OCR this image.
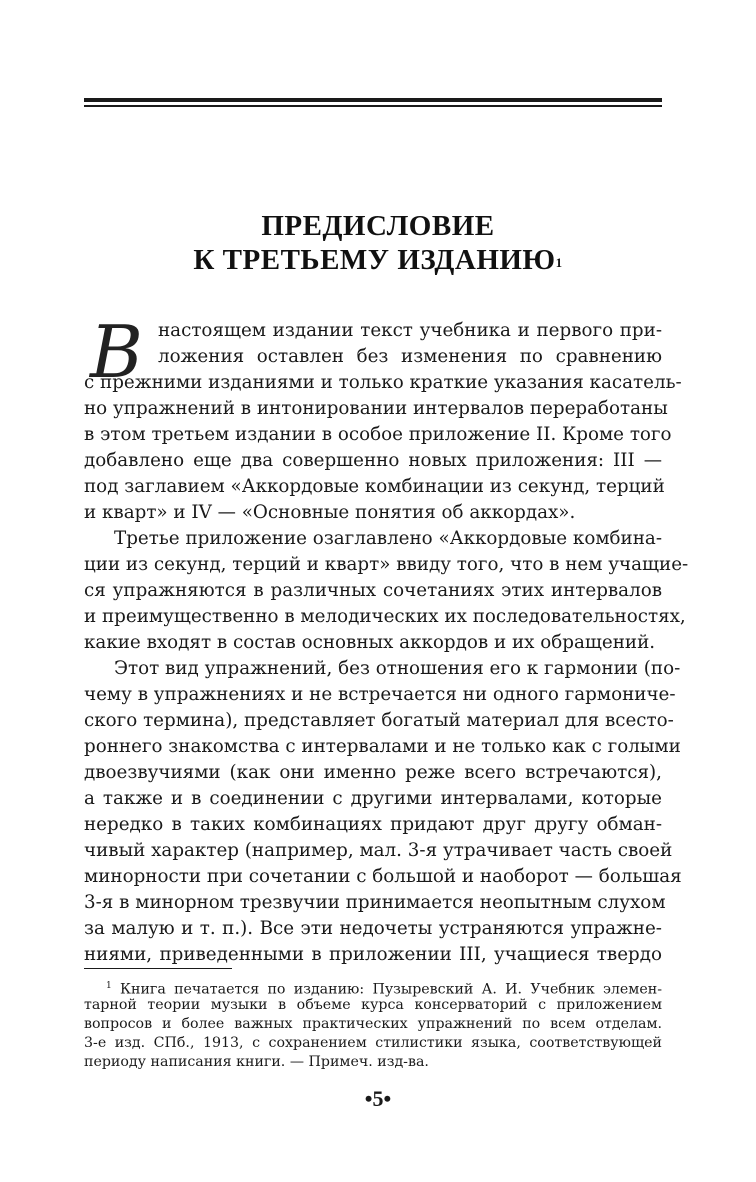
ПРЕДИСЛОВИЕ
К ТРЕТЬЕМУ ИЗДАНИЮ$^1$
В настоящем издании текст учебника и первого при-
ложения оставлен без изменения по сравнению
с прежними изданиями и только краткие указания касатель-
но упражнений в интонировании интервалов переработаны
в этом третьем издании в особое приложение II. Кроме того
добавлено еще два совершенно новых приложения: III —
под заглавием «Аккордовые комбинации из секунд, терций
и кварт» и IV — «Основные понятия об аккордах».
Третье приложение озаглавлено «Аккордовые комбина-
ции из секунд, терций и кварт» ввиду того, что в нем учащие-
ся упражняются в различных сочетаниях этих интервалов
и преимущественно в мелодических их последовательностях,
какие входят в состав основных аккордов и их обращений.
Этот вид упражнений, без отношения его к гармонии (по-
чему в упражнениях и не встречается ни одного гармониче-
ского термина), представляет богатый материал для всесто-
роннего знакомства с интервалами и не только как с голыми
двоезвучиями (как они именно реже всего встречаются),
а также и в соединении с другими интервалами, которые
нередко в таких комбинациях придают друг другу обман-
чивый характер (например, мал. 3-я утрачивает часть своей
минорности при сочетании с большой и наоборот — большая
3-я в минорном трезвучии принимается неопытным слухом
за малую и т. п.). Все эти недочеты устраняются упражне-
ниями, приведенными в приложении III, учащиеся твердо
$^1$ Книга печатается по изданию: Пузыревский А. И. Учебник элемен-
тарной теории музыки в объеме курса консерваторий с приложением
вопросов и более важных практических упражнений по всем отделам.
3-е изд. СПб., 1913, с сохранением стилистики языка, соответствующей
периоду написания книги. — Примеч. изд-ва.
•5•
